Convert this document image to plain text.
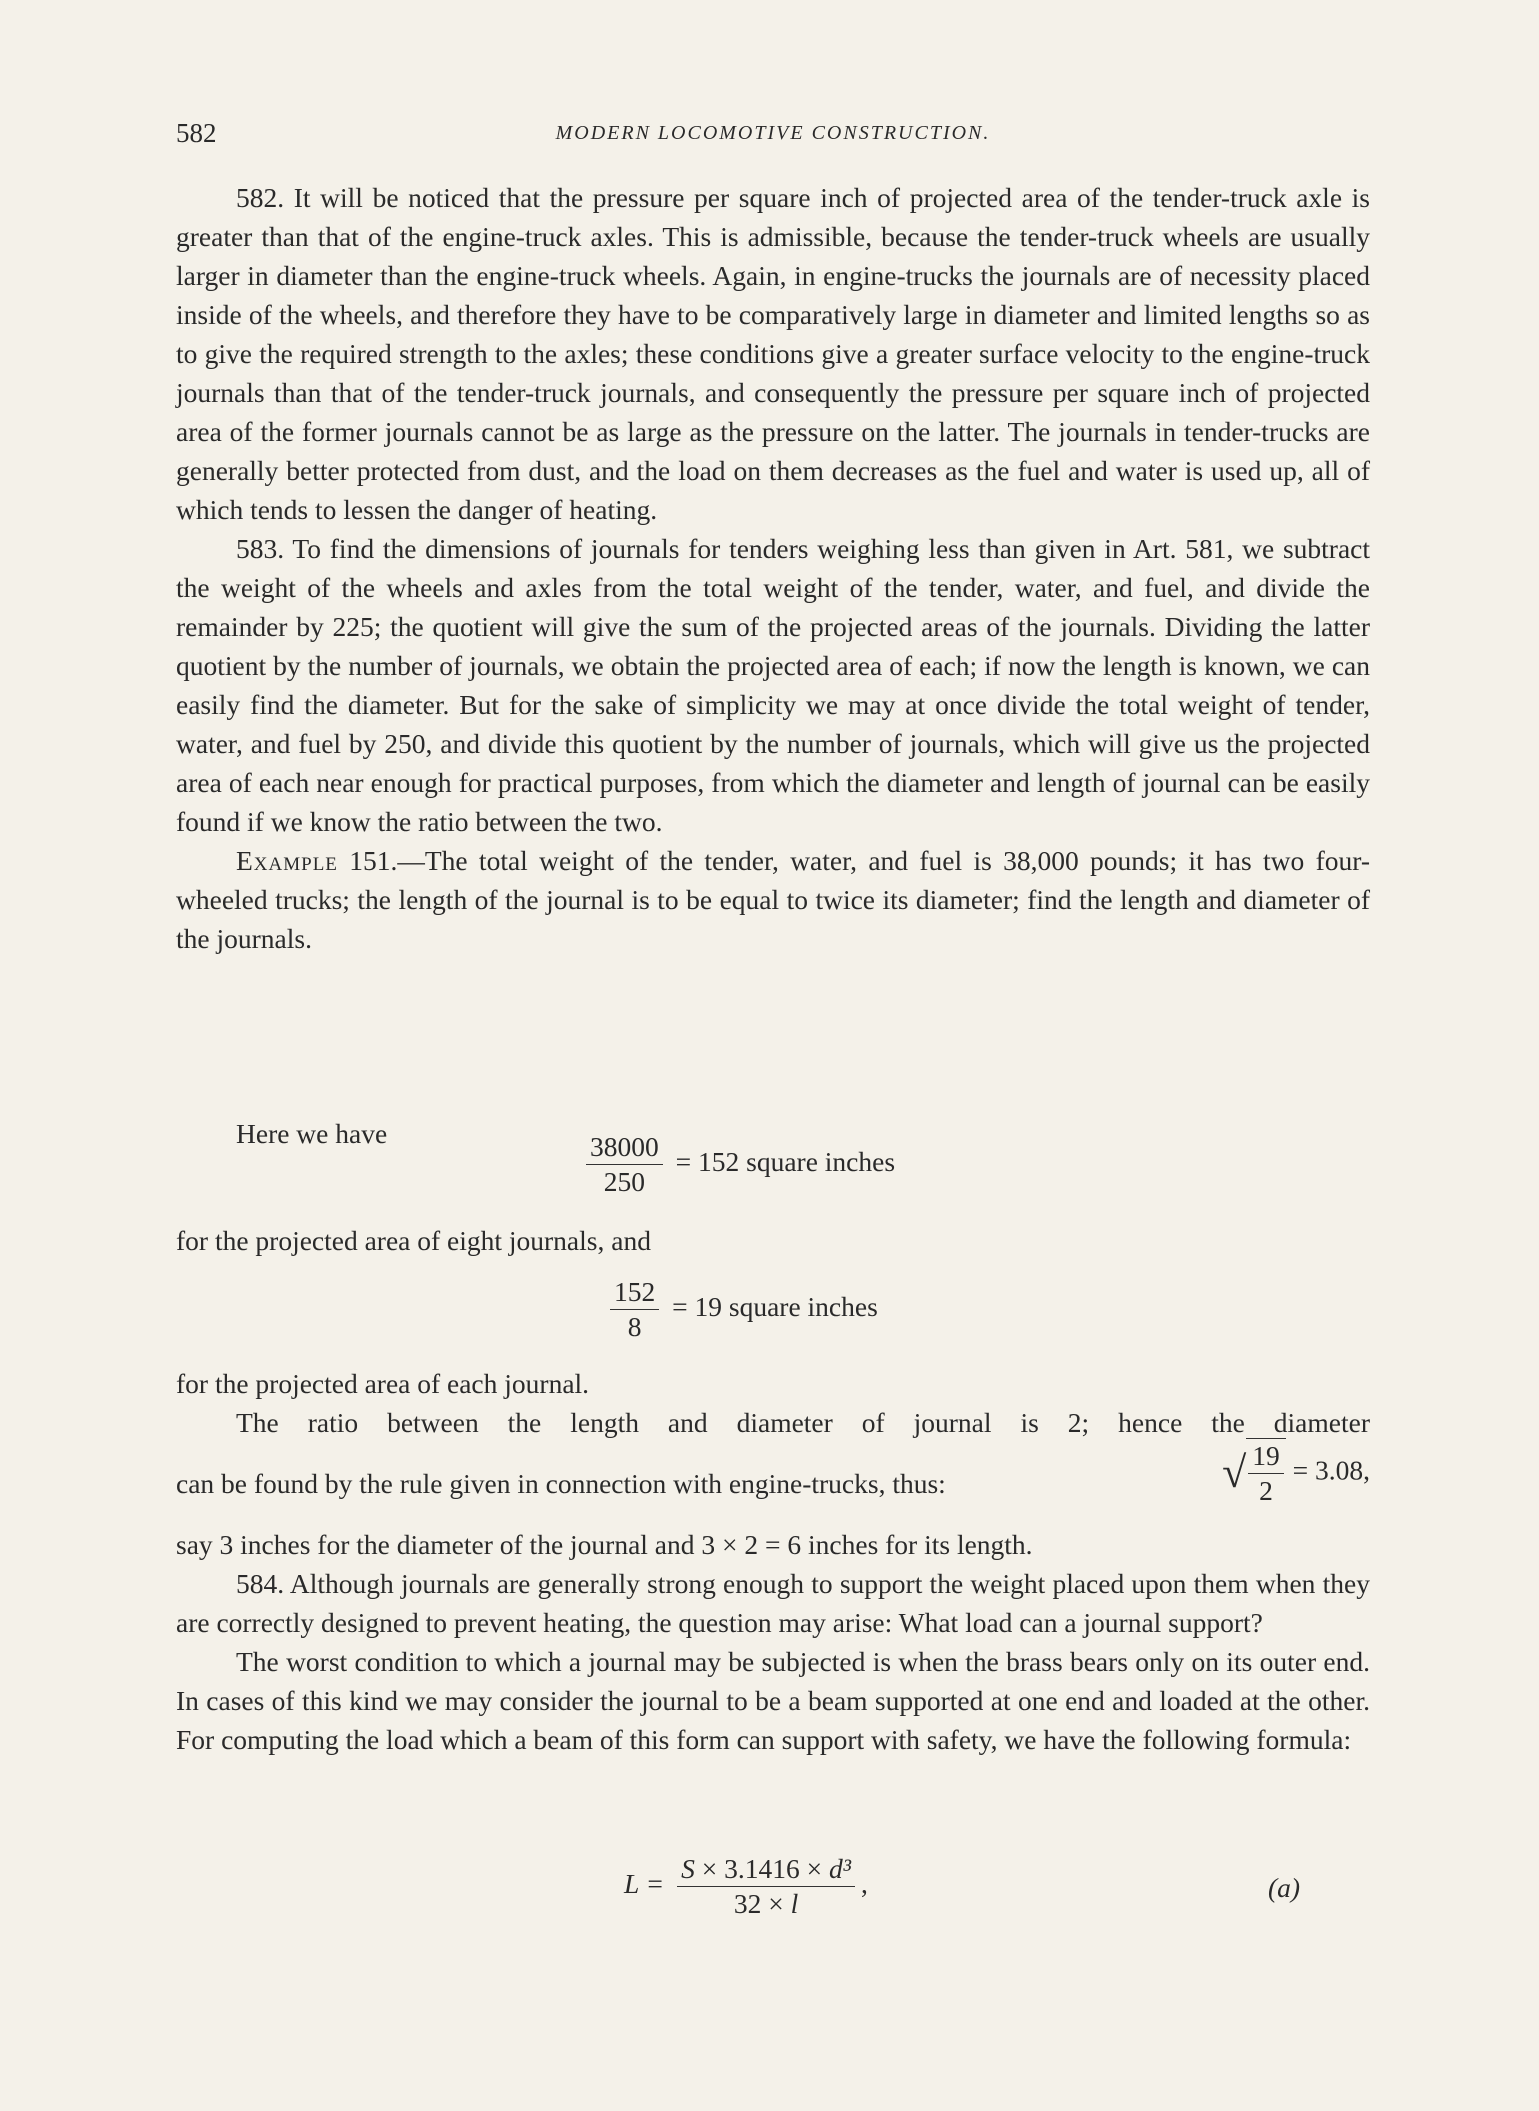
582	MODERN LOCOMOTIVE CONSTRUCTION.

582. It will be noticed that the pressure per square inch of projected area of the tender-truck axle is greater than that of the engine-truck axles. This is admissible, because the tender-truck wheels are usually larger in diameter than the engine-truck wheels. Again, in engine-trucks the journals are of necessity placed inside of the wheels, and therefore they have to be comparatively large in diameter and limited lengths so as to give the required strength to the axles; these conditions give a greater surface velocity to the engine-truck journals than that of the tender-truck journals, and consequently the pressure per square inch of projected area of the former journals cannot be as large as the pressure on the latter. The journals in tender-trucks are generally better protected from dust, and the load on them decreases as the fuel and water is used up, all of which tends to lessen the danger of heating.

583. To find the dimensions of journals for tenders weighing less than given in Art. 581, we subtract the weight of the wheels and axles from the total weight of the tender, water, and fuel, and divide the remainder by 225; the quotient will give the sum of the projected areas of the journals. Dividing the latter quotient by the number of journals, we obtain the projected area of each; if now the length is known, we can easily find the diameter. But for the sake of simplicity we may at once divide the total weight of tender, water, and fuel by 250, and divide this quotient by the number of journals, which will give us the projected area of each near enough for practical purposes, from which the diameter and length of journal can be easily found if we know the ratio between the two.

Example 151.—The total weight of the tender, water, and fuel is 38,000 pounds; it has two four-wheeled trucks; the length of the journal is to be equal to twice its diameter; find the length and diameter of the journals.

Here we have	$\frac{38000}{250} = 152$ square inches
for the projected area of eight journals, and
$\frac{152}{8} = 19$ square inches

for the projected area of each journal.

The ratio between the length and diameter of journal is 2; hence the diameter

can be found by the rule given in connection with engine-trucks, thus:	√ $\frac{19}{2} = 3.08$,

say 3 inches for the diameter of the journal and 3 × 2 = 6 inches for its length.

584. Although journals are generally strong enough to support the weight placed upon them when they are correctly designed to prevent heating, the question may arise: What load can a journal support?

The worst condition to which a journal may be subjected is when the brass bears only on its outer end. In cases of this kind we may consider the journal to be a beam supported at one end and loaded at the other. For computing the load which a beam of this form can support with safety, we have the following formula:

$L = \frac{\text{S × 3.1416 × d³}}{32 \times l}$ ,	(a)
